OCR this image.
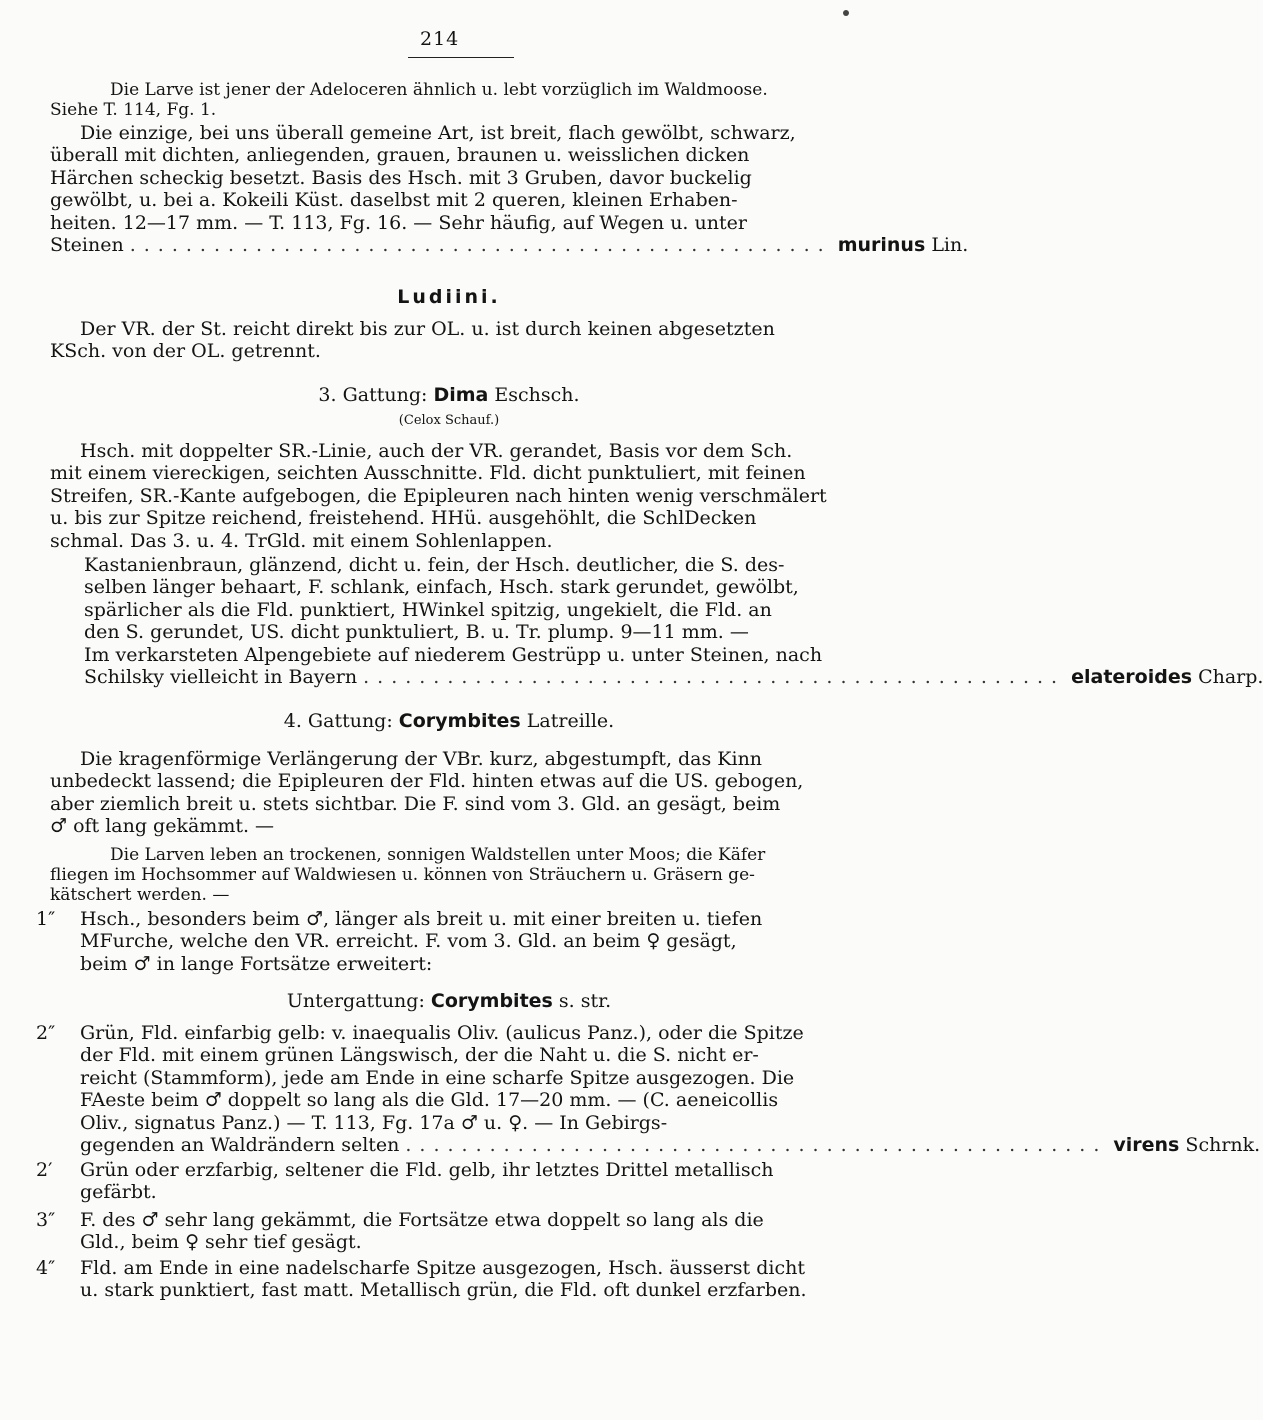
214
Die Larve ist jener der Adeloceren ähnlich u. lebt vorzüglich im Waldmoose.
Siehe T. 114, Fg. 1.
Die einzige, bei uns überall gemeine Art, ist breit, flach gewölbt, schwarz,
überall mit dichten, anliegenden, grauen, braunen u. weisslichen dicken
Härchen scheckig besetzt. Basis des Hsch. mit 3 Gruben, davor buckelig
gewölbt, u. bei a. Kokeili Küst. daselbst mit 2 queren, kleinen Erhaben-
heiten. 12—17 mm. — T. 113, Fg. 16. — Sehr häufig, auf Wegen u. unter
Steinen .................................................. murinus Lin.
Ludiini.
Der VR. der St. reicht direkt bis zur OL. u. ist durch keinen abgesetzten
KSch. von der OL. getrennt.
3. Gattung: Dima Eschsch.
(Celox Schauf.)
Hsch. mit doppelter SR.-Linie, auch der VR. gerandet, Basis vor dem Sch.
mit einem viereckigen, seichten Ausschnitte. Fld. dicht punktuliert, mit feinen
Streifen, SR.-Kante aufgebogen, die Epipleuren nach hinten wenig verschmälert
u. bis zur Spitze reichend, freistehend. HHü. ausgehöhlt, die SchlDecken
schmal. Das 3. u. 4. TrGld. mit einem Sohlenlappen.
Kastanienbraun, glänzend, dicht u. fein, der Hsch. deutlicher, die S. des-
selben länger behaart, F. schlank, einfach, Hsch. stark gerundet, gewölbt,
spärlicher als die Fld. punktiert, HWinkel spitzig, ungekielt, die Fld. an
den S. gerundet, US. dicht punktuliert, B. u. Tr. plump. 9—11 mm. —
Im verkarsteten Alpengebiete auf niederem Gestrüpp u. unter Steinen, nach
Schilsky vielleicht in Bayern .................................................. elateroides Charp.
4. Gattung: Corymbites Latreille.
Die kragenförmige Verlängerung der VBr. kurz, abgestumpft, das Kinn
unbedeckt lassend; die Epipleuren der Fld. hinten etwas auf die US. gebogen,
aber ziemlich breit u. stets sichtbar. Die F. sind vom 3. Gld. an gesägt, beim
♂ oft lang gekämmt. —
Die Larven leben an trockenen, sonnigen Waldstellen unter Moos; die Käfer
fliegen im Hochsommer auf Waldwiesen u. können von Sträuchern u. Gräsern ge-
kätschert werden. —
1″ Hsch., besonders beim ♂, länger als breit u. mit einer breiten u. tiefen
MFurche, welche den VR. erreicht. F. vom 3. Gld. an beim ♀ gesägt,
beim ♂ in lange Fortsätze erweitert:
Untergattung: Corymbites s. str.
2″ Grün, Fld. einfarbig gelb: v. inaequalis Oliv. (aulicus Panz.), oder die Spitze
der Fld. mit einem grünen Längswisch, der die Naht u. die S. nicht er-
reicht (Stammform), jede am Ende in eine scharfe Spitze ausgezogen. Die
FAeste beim ♂ doppelt so lang als die Gld. 17—20 mm. — (C. aeneicollis
Oliv., signatus Panz.) — T. 113, Fg. 17a ♂ u. ♀. — In Gebirgs-
gegenden an Waldrändern selten .................................................. virens Schrnk.
2′ Grün oder erzfarbig, seltener die Fld. gelb, ihr letztes Drittel metallisch
gefärbt.
3″ F. des ♂ sehr lang gekämmt, die Fortsätze etwa doppelt so lang als die
Gld., beim ♀ sehr tief gesägt.
4″ Fld. am Ende in eine nadelscharfe Spitze ausgezogen, Hsch. äusserst dicht
u. stark punktiert, fast matt. Metallisch grün, die Fld. oft dunkel erzfarben.
